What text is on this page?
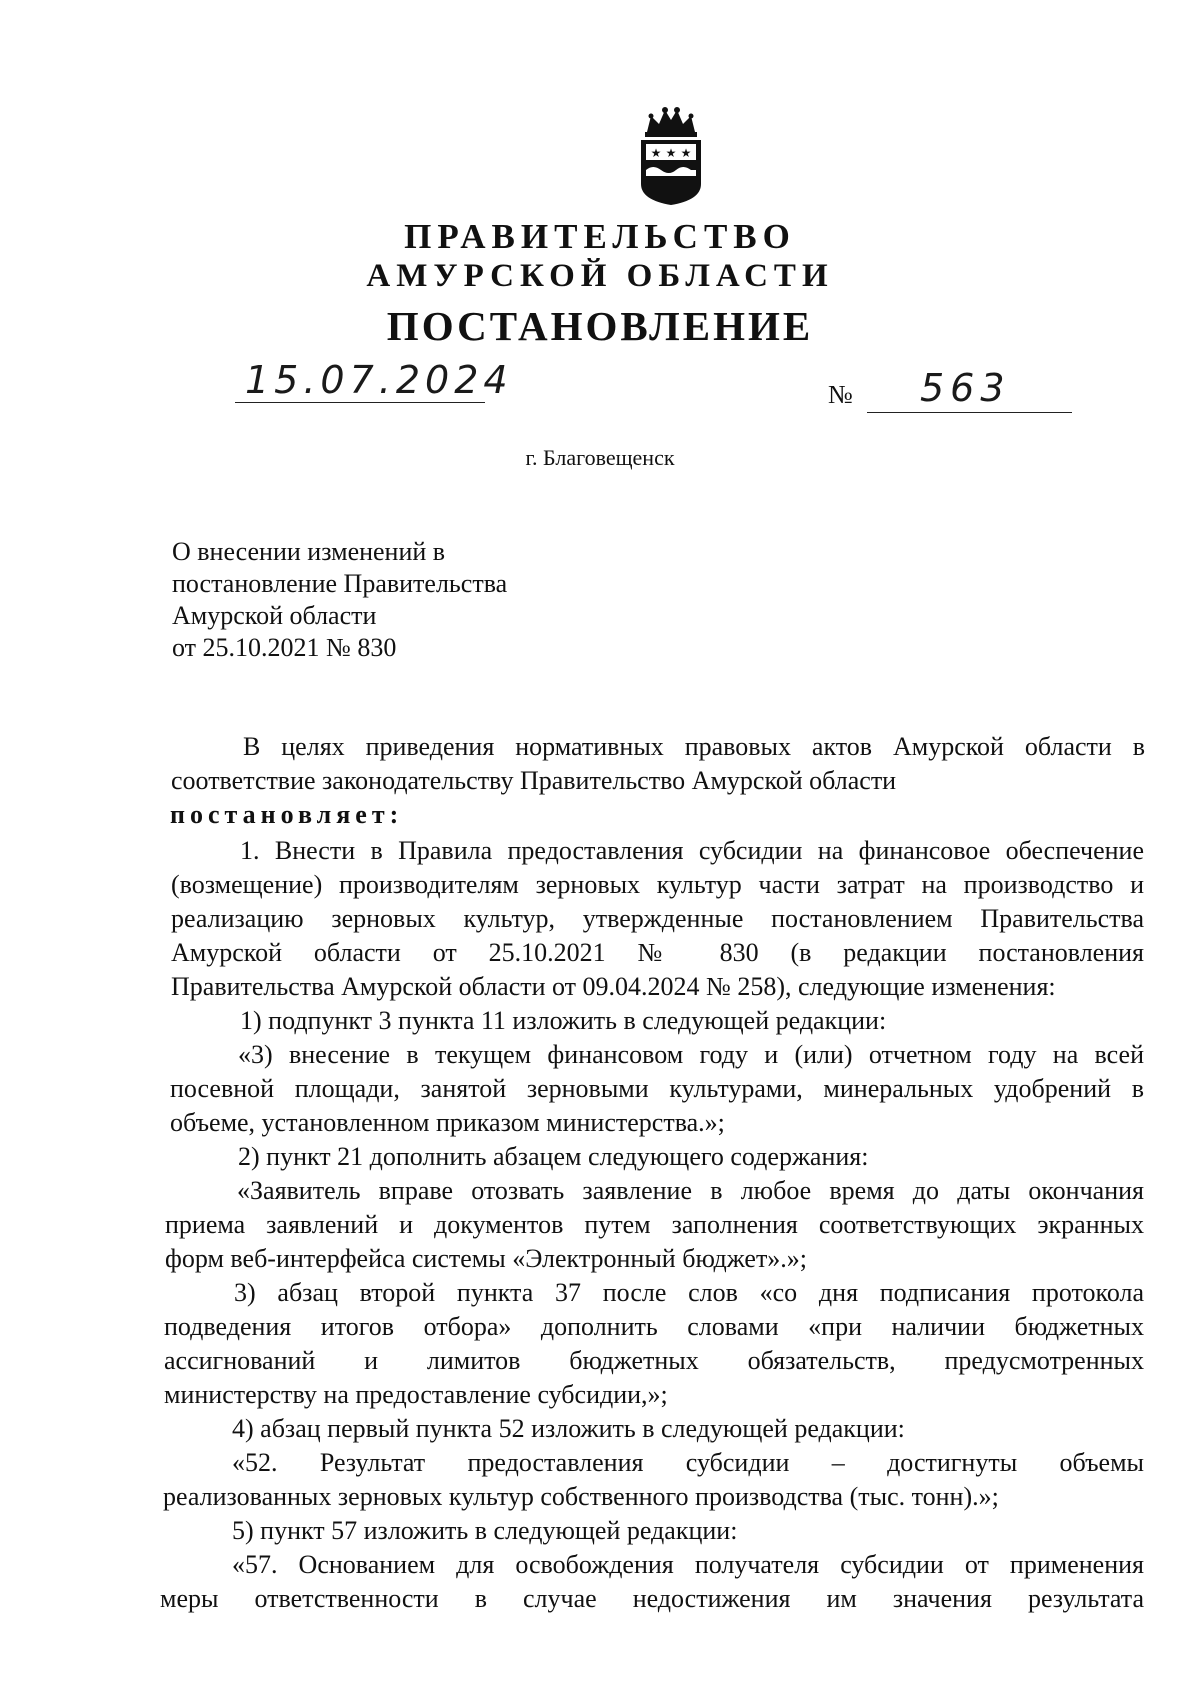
★ ★ ★
ПРАВИТЕЛЬСТВО
АМУРСКОЙ ОБЛАСТИ
ПОСТАНОВЛЕНИЕ
15.07.2024	№ 563
г. Благовещенск
О внесении изменений в
постановление Правительства
Амурской области
от 25.10.2021 № 830
В целях приведения нормативных правовых актов Амурской области в
соответствие законодательству Правительство Амурской области
постановляет:
1. Внести в Правила предоставления субсидии на финансовое обеспечение
(возмещение) производителям зерновых культур части затрат на производство и
реализацию зерновых культур, утвержденные постановлением Правительства
Амурской области от 25.10.2021 № 830 (в редакции постановления
Правительства Амурской области от 09.04.2024 № 258), следующие изменения:
1) подпункт 3 пункта 11 изложить в следующей редакции:
«3) внесение в текущем финансовом году и (или) отчетном году на всей
посевной площади, занятой зерновыми культурами, минеральных удобрений в
объеме, установленном приказом министерства.»;
2) пункт 21 дополнить абзацем следующего содержания:
«Заявитель вправе отозвать заявление в любое время до даты окончания
приема заявлений и документов путем заполнения соответствующих экранных
форм веб-интерфейса системы «Электронный бюджет».»;
3) абзац второй пункта 37 после слов «со дня подписания протокола
подведения итогов отбора» дополнить словами «при наличии бюджетных
ассигнований и лимитов бюджетных обязательств, предусмотренных
министерству на предоставление субсидии,»;
4) абзац первый пункта 52 изложить в следующей редакции:
«52. Результат предоставления субсидии – достигнуты объемы
реализованных зерновых культур собственного производства (тыс. тонн).»;
5) пункт 57 изложить в следующей редакции:
«57. Основанием для освобождения получателя субсидии от применения
меры ответственности в случае недостижения им значения результата
